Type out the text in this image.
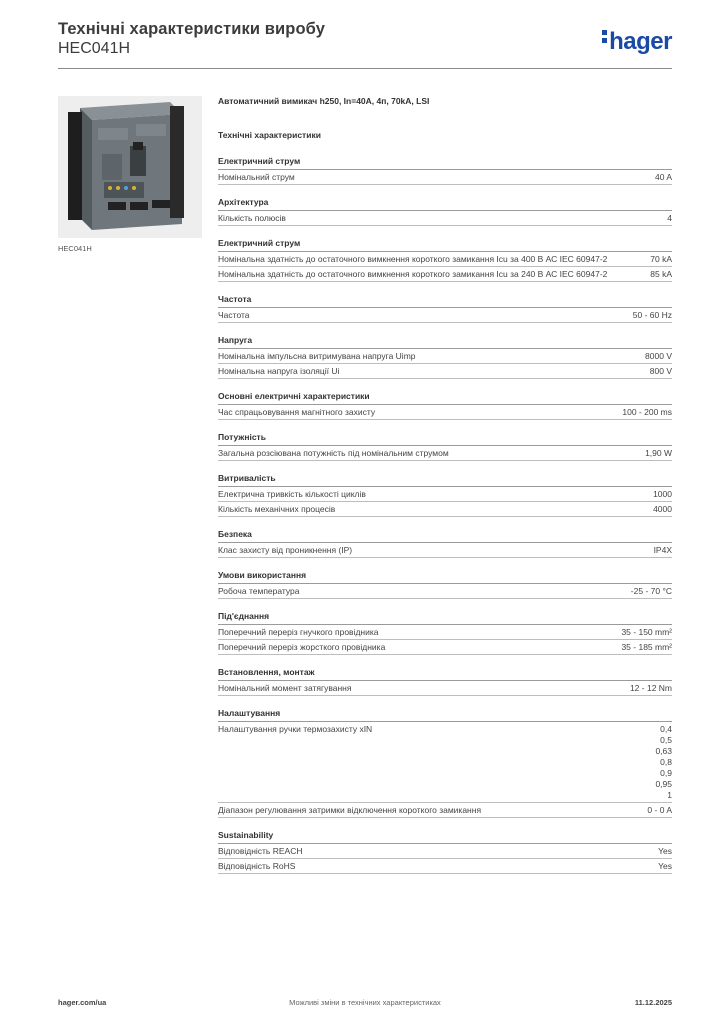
Технічні характеристики виробу
HEC041H	hager
HEC041H
Автоматичний вимикач h250, In=40A, 4п, 70kA, LSI
Технічні характеристики
Електричний струм
Номінальний струм	40 A
Архітектура
Кількість полюсів	4
Електричний струм
Номінальна здатність до остаточного вимкнення короткого замикання Icu за 400 В АС IEC 60947-2	70 kA
Номінальна здатність до остаточного вимкнення короткого замикання Icu за 240 В АС IEC 60947-2	85 kA
Частота
Частота	50 - 60 Hz
Напруга
Номінальна імпульсна витримувана напруга Uimp	8000 V
Номінальна напруга ізоляції Ui	800 V
Основні електричні характеристики
Час спрацьовування магнітного захисту	100 - 200 ms
Потужність
Загальна розсіювана потужність під номінальним струмом	1,90 W
Витривалість
Електрична тривкість кількості циклів	1000
Кількість механічних процесів	4000
Безпека
Клас захисту від проникнення (IP)	IP4X
Умови використання
Робоча температура	-25 - 70 °C
Під'єднання
Поперечний переріз гнучкого провідника	35 - 150 mm²
Поперечний переріз жорсткого провідника	35 - 185 mm²
Встановлення, монтаж
Номінальний момент затягування	12 - 12 Nm
Налаштування
Налаштування ручки термозахисту xIN	0,4
0,5
0,63
0,8
0,9
0,95
1
Діапазон регулювання затримки відключення короткого замикання	0 - 0 A
Sustainability
Відповідність REACH	Yes
Відповідність RoHS	Yes
hager.com/ua	Можливі зміни в технічних характеристиках	11.12.2025
